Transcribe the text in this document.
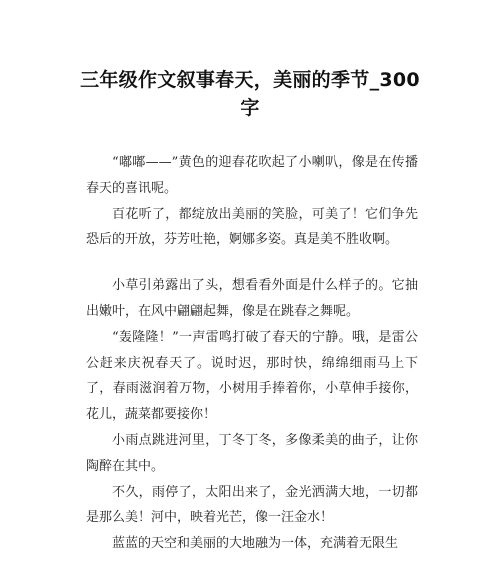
三年级作文叙事春天，美丽的季节_300
字

“嘟嘟——”黄色的迎春花吹起了小喇叭，像是在传播春天的喜讯呢。

百花听了，都绽放出美丽的笑脸，可美了！它们争先恐后的开放，芬芳吐艳，婀娜多姿。真是美不胜收啊。

小草引弟露出了头，想看看外面是什么样子的。它抽出嫩叶，在风中翩翩起舞，像是在跳春之舞呢。

“轰隆隆！”一声雷鸣打破了春天的宁静。哦，是雷公公赶来庆祝春天了。说时迟，那时快，绵绵细雨马上下了，春雨滋润着万物，小树用手捧着你，小草伸手接你，花儿，蔬菜都要接你！

小雨点跳进河里，丁冬丁冬，多像柔美的曲子，让你陶醉在其中。

不久，雨停了，太阳出来了，金光洒满大地，一切都是那么美！河中，映着光芒，像一汪金水！

蓝蓝的天空和美丽的大地融为一体，充满着无限生
